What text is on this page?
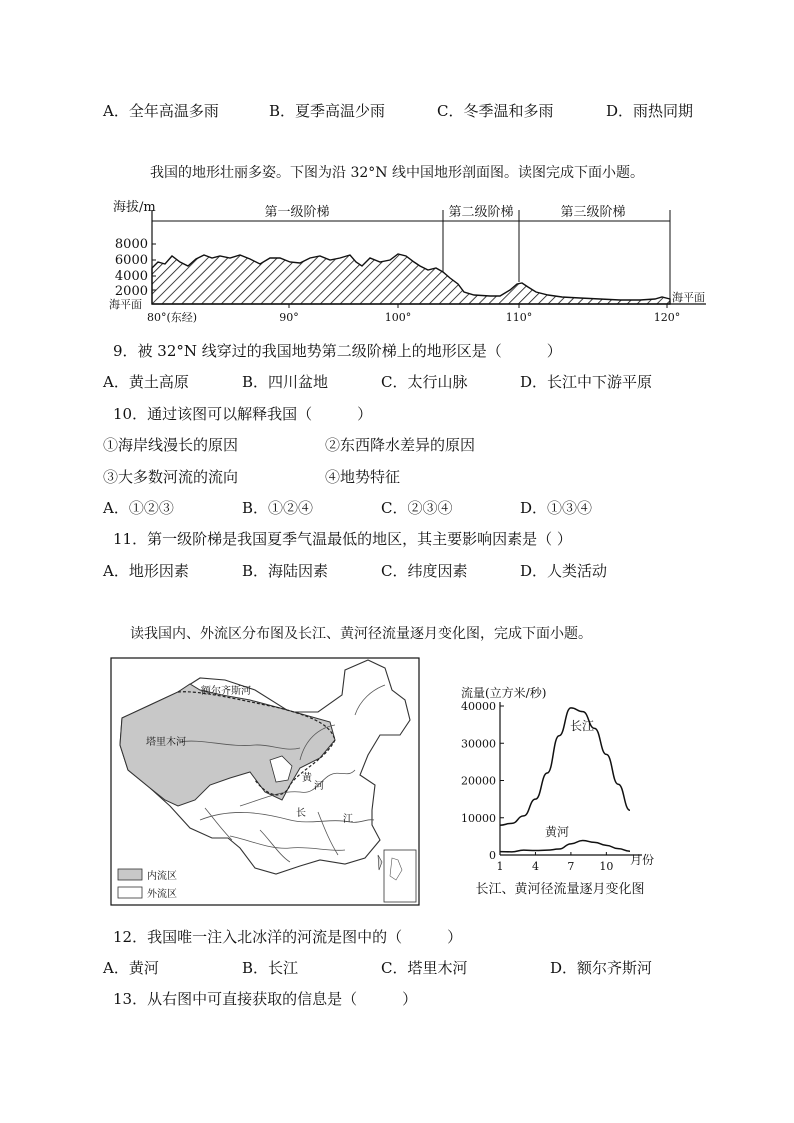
A．全年高温多雨	B．夏季高温少雨	C．冬季温和多雨	D．雨热同期
我国的地形壮丽多姿。下图为沿 32°N 线中国地形剖面图。读图完成下面小题。
海拔/m
8000
6000
4000
2000
海平面
海平面
第一级阶梯	第二级阶梯	第三级阶梯
80°(东经)	90°	100°	110°	120°
9．被 32°N 线穿过的我国地势第二级阶梯上的地形区是（　　　）
A．黄土高原	B．四川盆地	C．太行山脉	D．长江中下游平原
10．通过该图可以解释我国（　　　）
①海岸线漫长的原因	②东西降水差异的原因
③大多数河流的流向	④地势特征
A．①②③	B．①②④	C．②③④	D．①③④
11．第一级阶梯是我国夏季气温最低的地区，其主要影响因素是（ ）
A．地形因素	B．海陆因素	C．纬度因素	D．人类活动
读我国内、外流区分布图及长江、黄河径流量逐月变化图，完成下面小题。
内流区
外流区
额尔齐斯河
塔里木河
黄
河
长
江
流量(立方米/秒)
40000
30000
20000
10000
0
1	4	7 10
长江
黄河
月份
长江、黄河径流量逐月变化图
12．我国唯一注入北冰洋的河流是图中的（　　　）
A．黄河	B．长江	C．塔里木河	D．额尔齐斯河
13．从右图中可直接获取的信息是（　　　）
